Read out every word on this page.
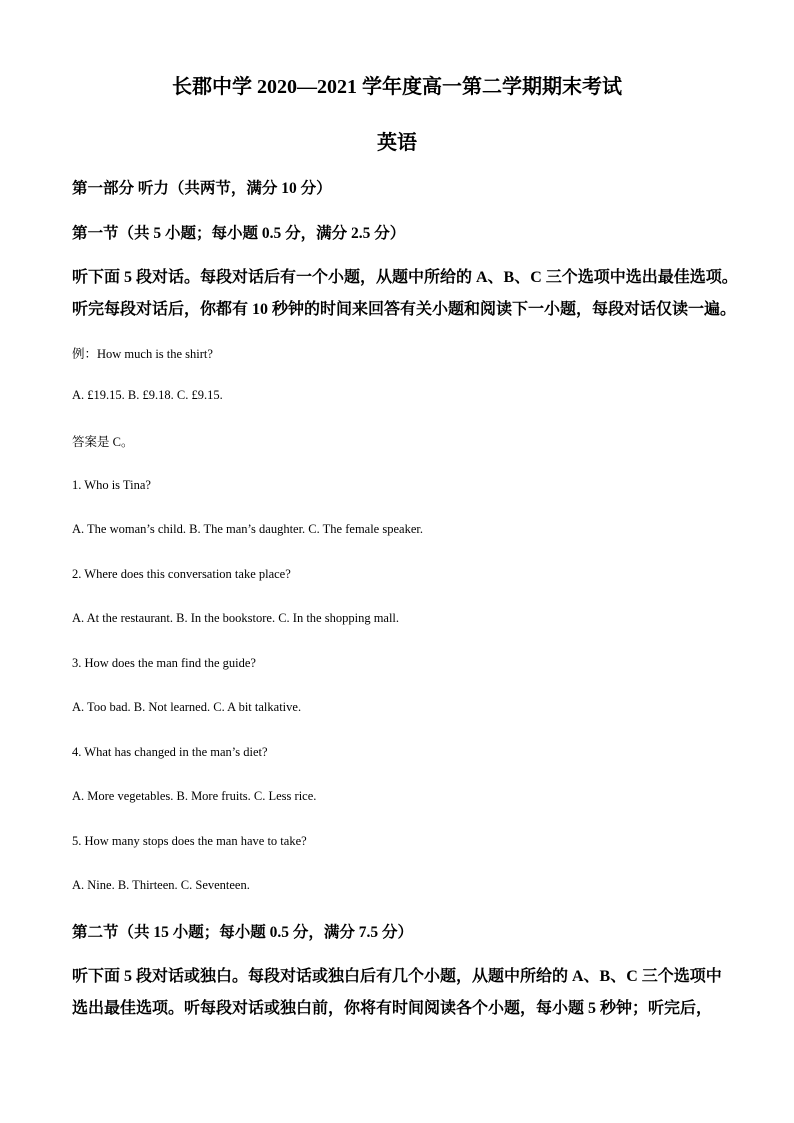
长郡中学 2020—2021 学年度高一第二学期期末考试
英语
第一部分 听力（共两节，满分 10 分）
第一节（共 5 小题；每小题 0.5 分，满分 2.5 分）
听下面 5 段对话。每段对话后有一个小题，从题中所给的 A、B、C 三个选项中选出最佳选项。
听完每段对话后，你都有 10 秒钟的时间来回答有关小题和阅读下一小题，每段对话仅读一遍。
例：How much is the shirt?
A. £19.15. B. £9.18. C. £9.15.
答案是 C。
1. Who is Tina?
A. The woman’s child. B. The man’s daughter. C. The female speaker.
2. Where does this conversation take place?
A. At the restaurant. B. In the bookstore. C. In the shopping mall.
3. How does the man find the guide?
A. Too bad. B. Not learned. C. A bit talkative.
4. What has changed in the man’s diet?
A. More vegetables. B. More fruits. C. Less rice.
5. How many stops does the man have to take?
A. Nine. B. Thirteen. C. Seventeen.
第二节（共 15 小题；每小题 0.5 分，满分 7.5 分）
听下面 5 段对话或独白。每段对话或独白后有几个小题，从题中所给的 A、B、C 三个选项中
选出最佳选项。听每段对话或独白前，你将有时间阅读各个小题，每小题 5 秒钟；听完后，
